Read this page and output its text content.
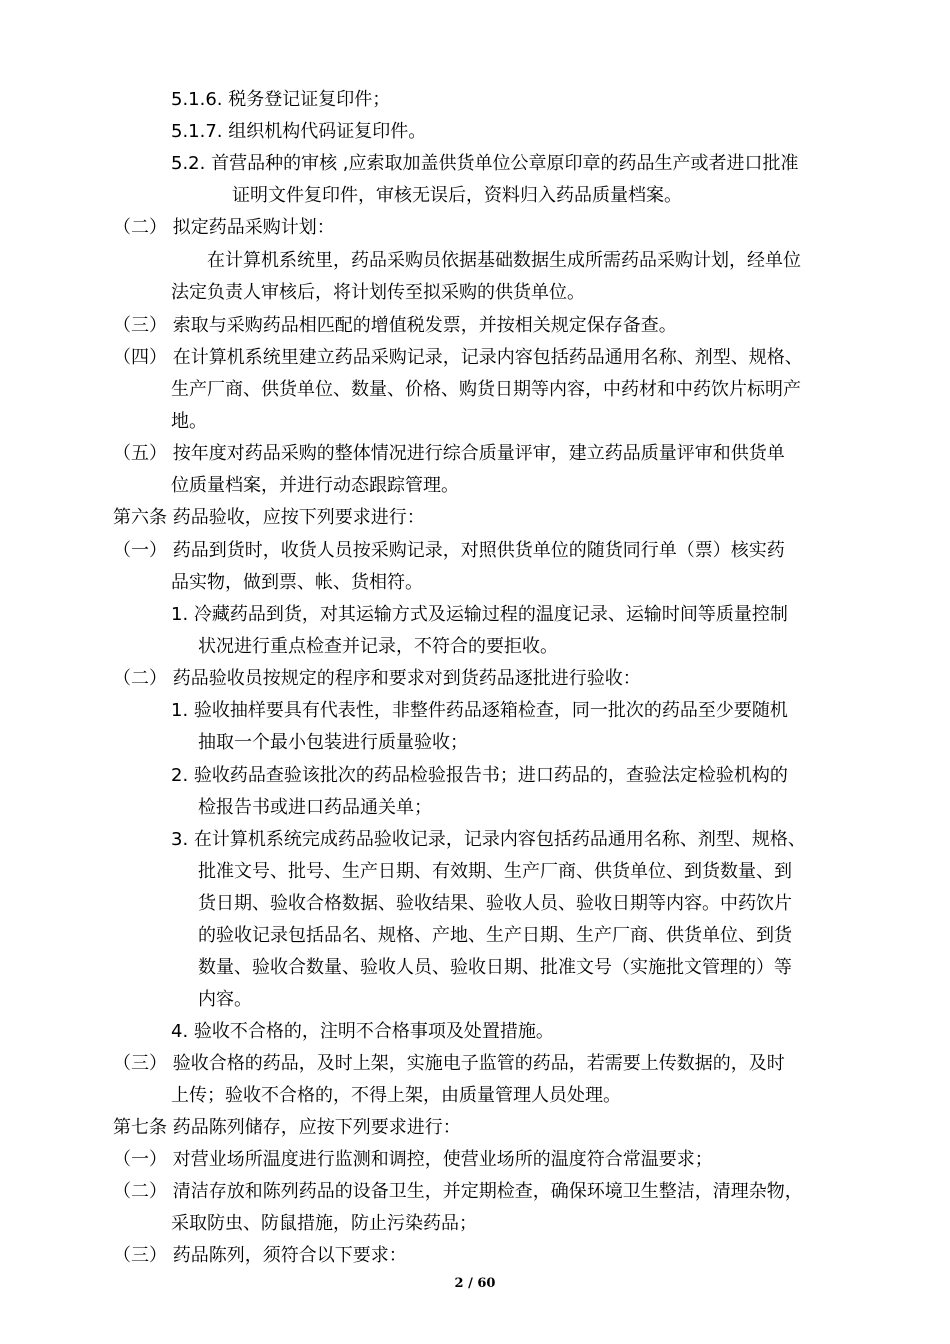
5.1.6. 税务登记证复印件；
5.1.7. 组织机构代码证复印件。
5.2. 首营品种的审核 ,应索取加盖供货单位公章原印章的药品生产或者进口批准
证明文件复印件，审核无误后，资料归入药品质量档案。
（二） 拟定药品采购计划：
在计算机系统里，药品采购员依据基础数据生成所需药品采购计划，经单位
法定负责人审核后，将计划传至拟采购的供货单位。
（三） 索取与采购药品相匹配的增值税发票，并按相关规定保存备查。
（四） 在计算机系统里建立药品采购记录，记录内容包括药品通用名称、剂型、规格、
生产厂商、供货单位、数量、价格、购货日期等内容，中药材和中药饮片标明产
地。
（五） 按年度对药品采购的整体情况进行综合质量评审，建立药品质量评审和供货单
位质量档案，并进行动态跟踪管理。
第六条 药品验收，应按下列要求进行：
（一） 药品到货时，收货人员按采购记录，对照供货单位的随货同行单（票）核实药
品实物，做到票、帐、货相符。
1. 冷藏药品到货，对其运输方式及运输过程的温度记录、运输时间等质量控制
状况进行重点检查并记录，不符合的要拒收。
（二） 药品验收员按规定的程序和要求对到货药品逐批进行验收：
1. 验收抽样要具有代表性，非整件药品逐箱检查，同一批次的药品至少要随机
抽取一个最小包装进行质量验收；
2. 验收药品查验该批次的药品检验报告书；进口药品的，查验法定检验机构的
检报告书或进口药品通关单；
3. 在计算机系统完成药品验收记录，记录内容包括药品通用名称、剂型、规格、
批准文号、批号、生产日期、有效期、生产厂商、供货单位、到货数量、到
货日期、验收合格数据、验收结果、验收人员、验收日期等内容。中药饮片
的验收记录包括品名、规格、产地、生产日期、生产厂商、供货单位、到货
数量、验收合数量、验收人员、验收日期、批准文号（实施批文管理的）等
内容。
4. 验收不合格的，注明不合格事项及处置措施。
（三） 验收合格的药品，及时上架，实施电子监管的药品，若需要上传数据的，及时
上传；验收不合格的，不得上架，由质量管理人员处理。
第七条 药品陈列储存，应按下列要求进行：
（一） 对营业场所温度进行监测和调控，使营业场所的温度符合常温要求；
（二） 清洁存放和陈列药品的设备卫生，并定期检查，确保环境卫生整洁，清理杂物，
采取防虫、防鼠措施，防止污染药品；
（三） 药品陈列，须符合以下要求：
2 / 60
